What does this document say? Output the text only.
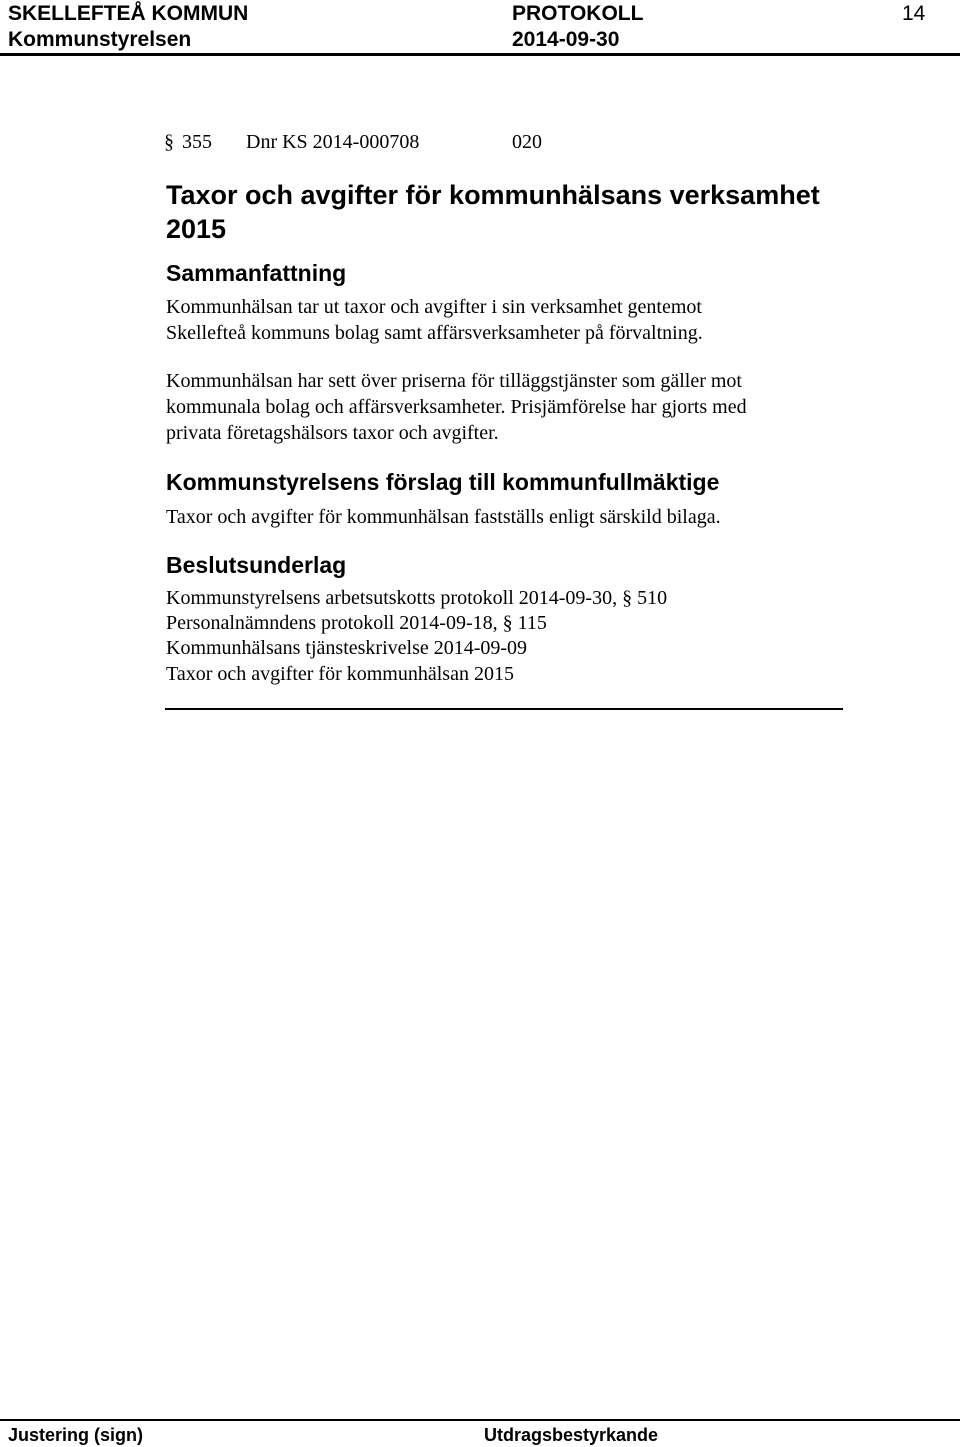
SKELLEFTEÅ KOMMUN
Kommunstyrelsen
PROTOKOLL
2014-09-30
14
§ 355 Dnr KS 2014-000708	020
Taxor och avgifter för kommunhälsans verksamhet 2015
Sammanfattning

Kommunhälsan tar ut taxor och avgifter i sin verksamhet gentemot

Skellefteå kommuns bolag samt affärsverksamheter på förvaltning.

Kommunhälsan har sett över priserna för tilläggstjänster som gäller mot

kommunala bolag och affärsverksamheter. Prisjämförelse har gjorts med

privata företagshälsors taxor och avgifter.

Kommunstyrelsens förslag till kommunfullmäktige

Taxor och avgifter för kommunhälsan fastställs enligt särskild bilaga.

Beslutsunderlag

Kommunstyrelsens arbetsutskotts protokoll 2014-09-30, § 510

Personalnämndens protokoll 2014-09-18, § 115

Kommunhälsans tjänsteskrivelse 2014-09-09

Taxor och avgifter för kommunhälsan 2015

Justering (sign)	Utdragsbestyrkande
